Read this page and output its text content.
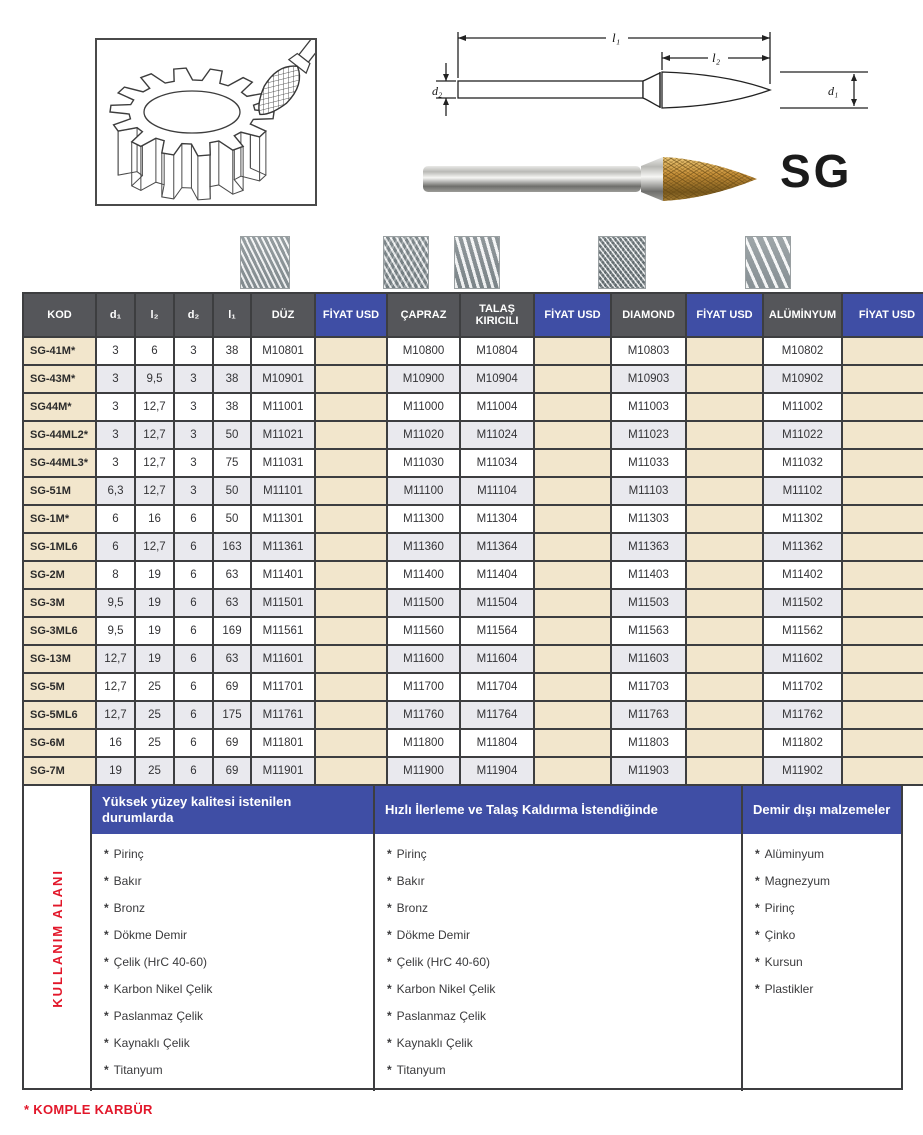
l₁
l₂
d₂	d₁
SG
KOD	d₁	l₂	d₂	l₁	DÜZ	FİYAT USD	ÇAPRAZ	TALAŞ KIRICILI	FİYAT USD	DIAMOND	FİYAT USD	ALÜMİNYUM	FİYAT USD
SG-41M*	3	6	3	38	M10801		M10800	M10804		M10803		M10802	
SG-43M*	3	9,5	3	38	M10901		M10900	M10904		M10903		M10902	
SG44M*	3	12,7	3	38	M11001		M11000	M11004		M11003		M11002	
SG-44ML2*	3	12,7	3	50	M11021		M11020	M11024		M11023		M11022	
SG-44ML3*	3	12,7	3	75	M11031		M11030	M11034		M11033		M11032	
SG-51M	6,3	12,7	3	50	M11101		M11100	M11104		M11103		M11102	
SG-1M*	6	16	6	50	M11301		M11300	M11304		M11303		M11302	
SG-1ML6	6	12,7	6	163	M11361		M11360	M11364		M11363		M11362	
SG-2M	8	19	6	63	M11401		M11400	M11404		M11403		M11402	
SG-3M	9,5	19	6	63	M11501		M11500	M11504		M11503		M11502	
SG-3ML6	9,5	19	6	169	M11561		M11560	M11564		M11563		M11562	
SG-13M	12,7	19	6	63	M11601		M11600	M11604		M11603		M11602	
SG-5M	12,7	25	6	69	M11701		M11700	M11704		M11703		M11702	
SG-5ML6	12,7	25	6	175	M11761		M11760	M11764		M11763		M11762	
SG-6M	16	25	6	69	M11801		M11800	M11804		M11803		M11802	
SG-7M	19	25	6	69	M11901		M11900	M11904		M11903		M11902	
KULLANIM ALANI
Yüksek yüzey kalitesi istenilen durumlarda
* Pirinç
* Bakır
* Bronz
* Dökme Demir
* Çelik (HrC 40-60)
* Karbon Nikel Çelik
* Paslanmaz Çelik
* Kaynaklı Çelik
* Titanyum
Hızlı İlerleme ve Talaş Kaldırma İstendiğinde
* Pirinç
* Bakır
* Bronz
* Dökme Demir
* Çelik (HrC 40-60)
* Karbon Nikel Çelik
* Paslanmaz Çelik
* Kaynaklı Çelik
* Titanyum
Demir dışı malzemeler
* Alüminyum
* Magnezyum
* Pirinç
* Çinko
* Kursun
* Plastikler
* KOMPLE KARBÜR
